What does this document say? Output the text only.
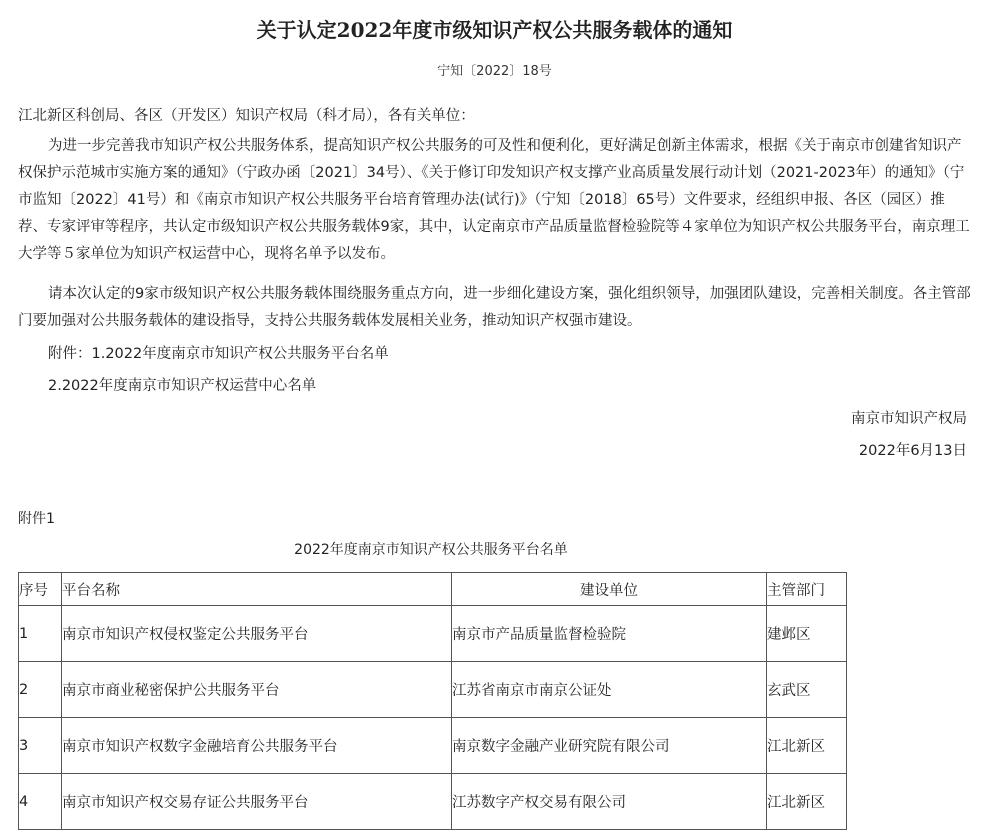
关于认定2022年度市级知识产权公共服务载体的通知
宁知〔2022〕18号
江北新区科创局、各区（开发区）知识产权局（科才局），各有关单位：
为进一步完善我市知识产权公共服务体系，提高知识产权公共服务的可及性和便利化，更好满足创新主体需求，根据《关于南京市创建省知识产权保护示范城市实施方案的通知》（宁政办函〔2021〕34号）、《关于修订印发知识产权支撑产业高质量发展行动计划（2021-2023年）的通知》（宁市监知〔2022〕41号）和《南京市知识产权公共服务平台培育管理办法(试行)》（宁知〔2018〕65号）文件要求，经组织申报、各区（园区）推荐、专家评审等程序，共认定市级知识产权公共服务载体9家，其中，认定南京市产品质量监督检验院等４家单位为知识产权公共服务平台，南京理工大学等５家单位为知识产权运营中心，现将名单予以发布。
请本次认定的9家市级知识产权公共服务载体围绕服务重点方向，进一步细化建设方案，强化组织领导，加强团队建设，完善相关制度。各主管部门要加强对公共服务载体的建设指导，支持公共服务载体发展相关业务，推动知识产权强市建设。
附件：1.2022年度南京市知识产权公共服务平台名单
2.2022年度南京市知识产权运营中心名单
南京市知识产权局
2022年6月13日
附件1
2022年度南京市知识产权公共服务平台名单
序号	平台名称	建设单位	主管部门
1	南京市知识产权侵权鉴定公共服务平台	南京市产品质量监督检验院	建邺区
2	南京市商业秘密保护公共服务平台	江苏省南京市南京公证处	玄武区
3	南京市知识产权数字金融培育公共服务平台	南京数字金融产业研究院有限公司	江北新区
4	南京市知识产权交易存证公共服务平台	江苏数字产权交易有限公司	江北新区
